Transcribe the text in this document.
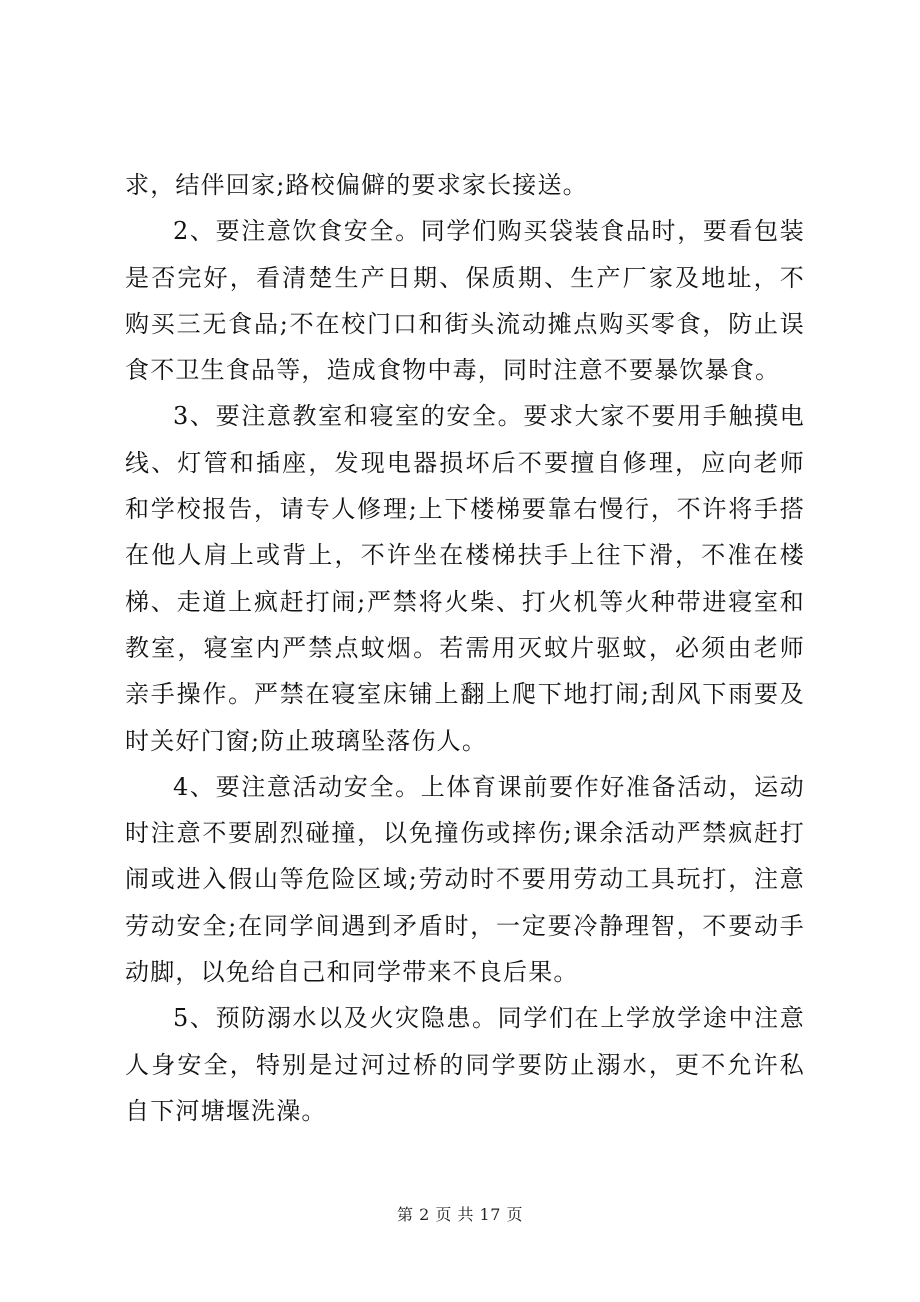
求，结伴回家;路校偏僻的要求家长接送。

2、要注意饮食安全。同学们购买袋装食品时，要看包装是否完好，看清楚生产日期、保质期、生产厂家及地址，不购买三无食品;不在校门口和街头流动摊点购买零食，防止误食不卫生食品等，造成食物中毒，同时注意不要暴饮暴食。

3、要注意教室和寝室的安全。要求大家不要用手触摸电线、灯管和插座，发现电器损坏后不要擅自修理，应向老师和学校报告，请专人修理;上下楼梯要靠右慢行，不许将手搭在他人肩上或背上，不许坐在楼梯扶手上往下滑，不准在楼梯、走道上疯赶打闹;严禁将火柴、打火机等火种带进寝室和教室，寝室内严禁点蚊烟。若需用灭蚊片驱蚊，必须由老师亲手操作。严禁在寝室床铺上翻上爬下地打闹;刮风下雨要及时关好门窗;防止玻璃坠落伤人。

4、要注意活动安全。上体育课前要作好准备活动，运动时注意不要剧烈碰撞，以免撞伤或摔伤;课余活动严禁疯赶打闹或进入假山等危险区域;劳动时不要用劳动工具玩打，注意劳动安全;在同学间遇到矛盾时，一定要冷静理智，不要动手动脚，以免给自己和同学带来不良后果。

5、预防溺水以及火灾隐患。同学们在上学放学途中注意人身安全，特别是过河过桥的同学要防止溺水，更不允许私自下河塘堰洗澡。

第 2 页 共 17 页
